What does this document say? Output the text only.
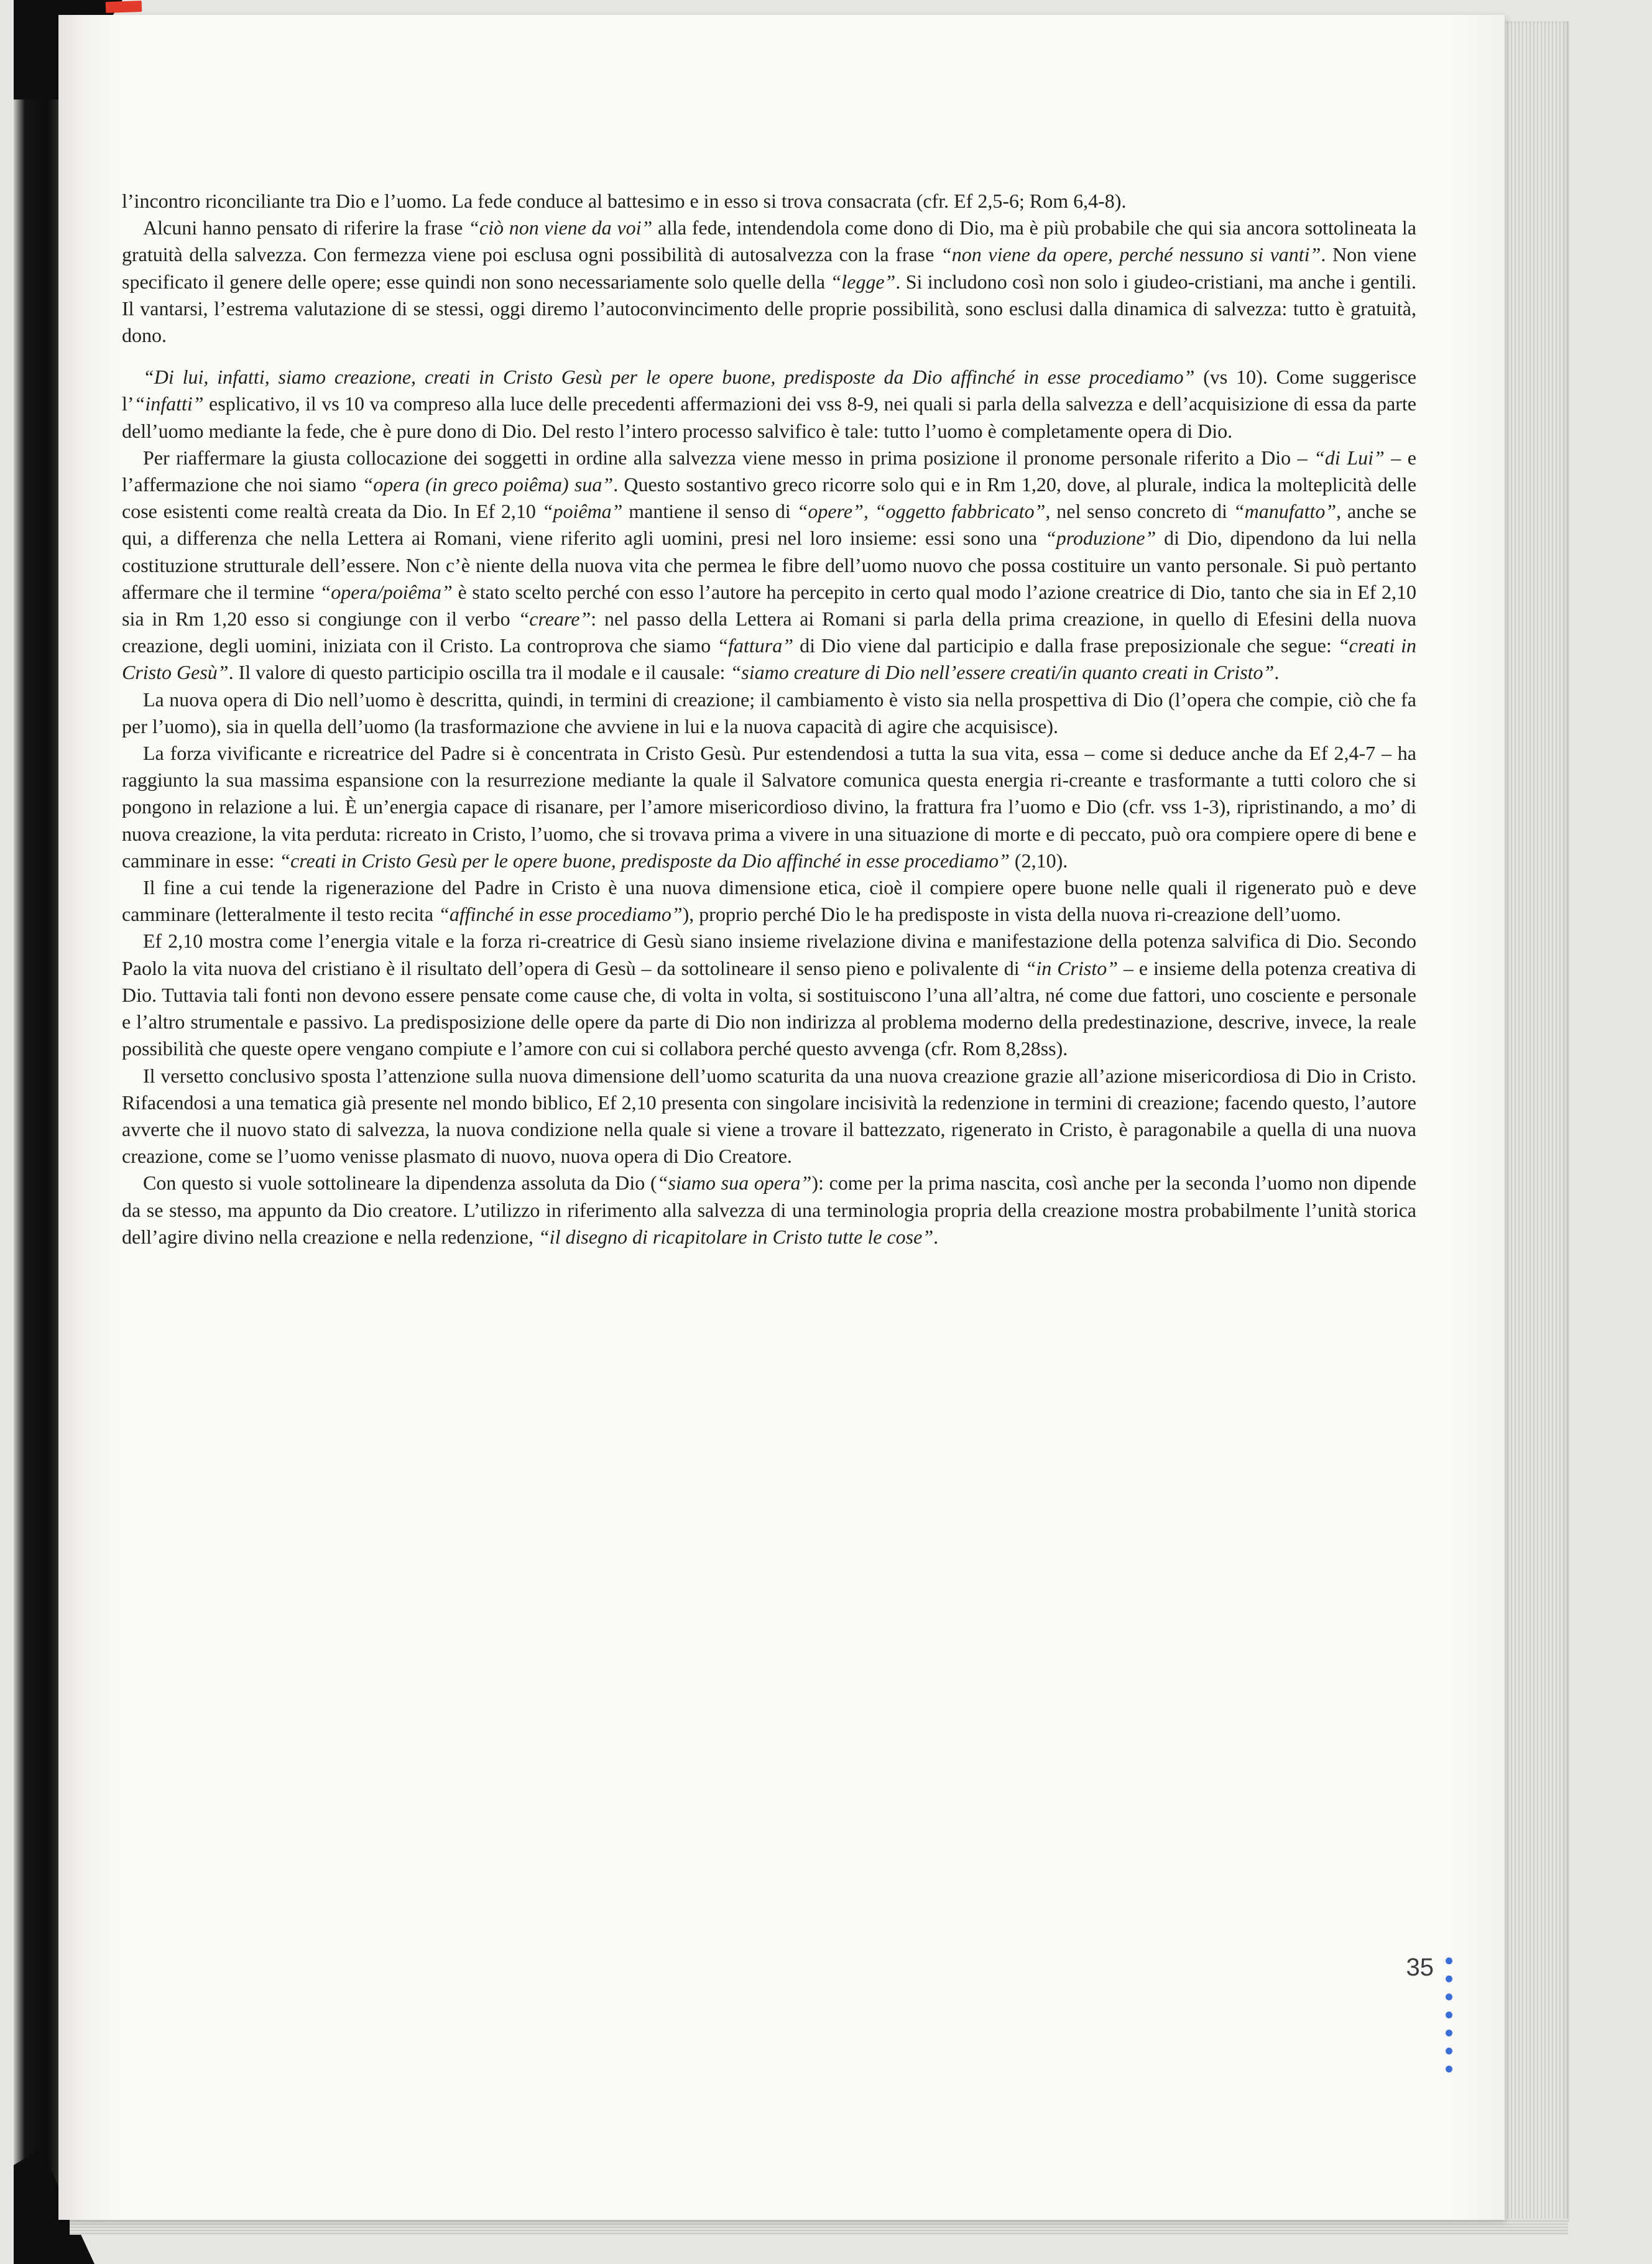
l’incontro riconciliante tra Dio e l’uomo. La fede conduce al battesimo e in esso si trova consacrata (cfr. Ef 2,5-6; Rom 6,4-8).

Alcuni hanno pensato di riferire la frase “ciò non viene da voi” alla fede, intendendola come dono di Dio, ma è più probabile che qui sia ancora sottolineata la gratuità della salvezza. Con fermezza viene poi esclusa ogni possibilità di autosalvezza con la frase “non viene da opere, perché nessuno si vanti”. Non viene specificato il genere delle opere; esse quindi non sono necessariamente solo quelle della “legge”. Si includono così non solo i giudeo-cristiani, ma anche i gentili. Il vantarsi, l’estrema valutazione di se stessi, oggi diremo l’autoconvincimento delle proprie possibilità, sono esclusi dalla dinamica di salvezza: tutto è gratuità, dono.

“Di lui, infatti, siamo creazione, creati in Cristo Gesù per le opere buone, predisposte da Dio affinché in esse procediamo” (vs 10). Come suggerisce l’“infatti” esplicativo, il vs 10 va compreso alla luce delle precedenti affermazioni dei vss 8-9, nei quali si parla della salvezza e dell’acquisizione di essa da parte dell’uomo mediante la fede, che è pure dono di Dio. Del resto l’intero processo salvifico è tale: tutto l’uomo è completamente opera di Dio.

Per riaffermare la giusta collocazione dei soggetti in ordine alla salvezza viene messo in prima posizione il pronome personale riferito a Dio – “di Lui” – e l’affermazione che noi siamo “opera (in greco poiêma) sua”. Questo sostantivo greco ricorre solo qui e in Rm 1,20, dove, al plurale, indica la molteplicità delle cose esistenti come realtà creata da Dio. In Ef 2,10 “poiêma” mantiene il senso di “opere”, “oggetto fabbricato”, nel senso concreto di “manufatto”, anche se qui, a differenza che nella Lettera ai Romani, viene riferito agli uomini, presi nel loro insieme: essi sono una “produzione” di Dio, dipendono da lui nella costituzione strutturale dell’essere. Non c’è niente della nuova vita che permea le fibre dell’uomo nuovo che possa costituire un vanto personale. Si può pertanto affermare che il termine “opera/poiêma” è stato scelto perché con esso l’autore ha percepito in certo qual modo l’azione creatrice di Dio, tanto che sia in Ef 2,10 sia in Rm 1,20 esso si congiunge con il verbo “creare”: nel passo della Lettera ai Romani si parla della prima creazione, in quello di Efesini della nuova creazione, degli uomini, iniziata con il Cristo. La controprova che siamo “fattura” di Dio viene dal participio e dalla frase preposizionale che segue: “creati in Cristo Gesù”. Il valore di questo participio oscilla tra il modale e il causale: “siamo creature di Dio nell’essere creati/in quanto creati in Cristo”.

La nuova opera di Dio nell’uomo è descritta, quindi, in termini di creazione; il cambiamento è visto sia nella prospettiva di Dio (l’opera che compie, ciò che fa per l’uomo), sia in quella dell’uomo (la trasformazione che avviene in lui e la nuova capacità di agire che acquisisce).

La forza vivificante e ricreatrice del Padre si è concentrata in Cristo Gesù. Pur estendendosi a tutta la sua vita, essa – come si deduce anche da Ef 2,4-7 – ha raggiunto la sua massima espansione con la resurrezione mediante la quale il Salvatore comunica questa energia ri-creante e trasformante a tutti coloro che si pongono in relazione a lui. È un’energia capace di risanare, per l’amore misericordioso divino, la frattura fra l’uomo e Dio (cfr. vss 1-3), ripristinando, a mo’ di nuova creazione, la vita perduta: ricreato in Cristo, l’uomo, che si trovava prima a vivere in una situazione di morte e di peccato, può ora compiere opere di bene e camminare in esse: “creati in Cristo Gesù per le opere buone, predisposte da Dio affinché in esse procediamo” (2,10).

Il fine a cui tende la rigenerazione del Padre in Cristo è una nuova dimensione etica, cioè il compiere opere buone nelle quali il rigenerato può e deve camminare (letteralmente il testo recita “affinché in esse procediamo”), proprio perché Dio le ha predisposte in vista della nuova ri-creazione dell’uomo.

Ef 2,10 mostra come l’energia vitale e la forza ri-creatrice di Gesù siano insieme rivelazione divina e manifestazione della potenza salvifica di Dio. Secondo Paolo la vita nuova del cristiano è il risultato dell’opera di Gesù – da sottolineare il senso pieno e polivalente di “in Cristo” – e insieme della potenza creativa di Dio. Tuttavia tali fonti non devono essere pensate come cause che, di volta in volta, si sostituiscono l’una all’altra, né come due fattori, uno cosciente e personale e l’altro strumentale e passivo. La predisposizione delle opere da parte di Dio non indirizza al problema moderno della predestinazione, descrive, invece, la reale possibilità che queste opere vengano compiute e l’amore con cui si collabora perché questo avvenga (cfr. Rom 8,28ss).

Il versetto conclusivo sposta l’attenzione sulla nuova dimensione dell’uomo scaturita da una nuova creazione grazie all’azione misericordiosa di Dio in Cristo. Rifacendosi a una tematica già presente nel mondo biblico, Ef 2,10 presenta con singolare incisività la redenzione in termini di creazione; facendo questo, l’autore avverte che il nuovo stato di salvezza, la nuova condizione nella quale si viene a trovare il battezzato, rigenerato in Cristo, è paragonabile a quella di una nuova creazione, come se l’uomo venisse plasmato di nuovo, nuova opera di Dio Creatore.

Con questo si vuole sottolineare la dipendenza assoluta da Dio (“siamo sua opera”): come per la prima nascita, così anche per la seconda l’uomo non dipende da se stesso, ma appunto da Dio creatore. L’utilizzo in riferimento alla salvezza di una terminologia propria della creazione mostra probabilmente l’unità storica dell’agire divino nella creazione e nella redenzione, “il disegno di ricapitolare in Cristo tutte le cose”.

35
